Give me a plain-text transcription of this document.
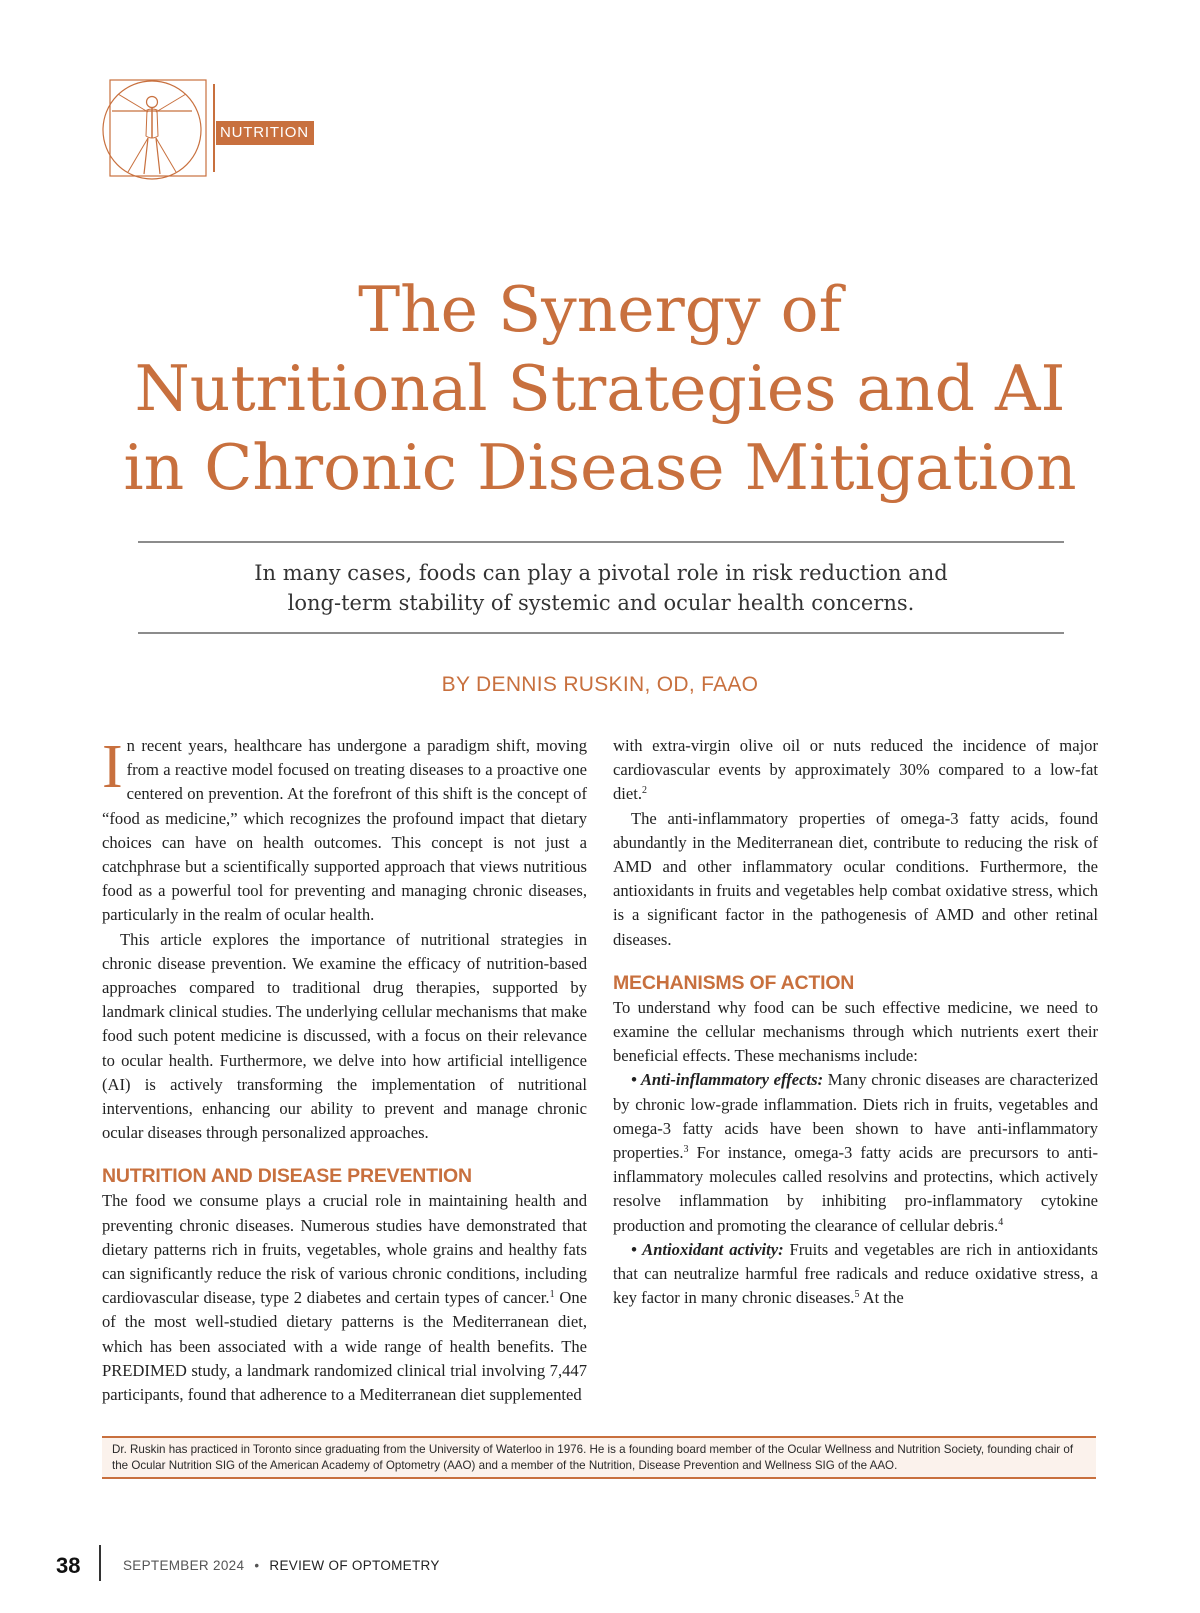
NUTRITION
The Synergy of
Nutritional Strategies and AI
in Chronic Disease Mitigation
In many cases, foods can play a pivotal role in risk reduction and
long-term stability of systemic and ocular health concerns.
BY DENNIS RUSKIN, OD, FAAO

In recent years, healthcare has undergone a paradigm shift, moving from a reactive model focused on treating diseases to a proactive one centered on prevention. At the forefront of this shift is the concept of “food as medicine,” which recognizes the profound impact that dietary choices can have on health outcomes. This concept is not just a catchphrase but a scientifically supported approach that views nutritious food as a powerful tool for preventing and managing chronic diseases, particularly in the realm of ocular health.

This article explores the importance of nutritional strategies in chronic disease prevention. We examine the efficacy of nutrition-based approaches compared to traditional drug therapies, supported by landmark clinical studies. The underlying cellular mechanisms that make food such potent medicine is discussed, with a focus on their relevance to ocular health. Furthermore, we delve into how artificial intelligence (AI) is actively transforming the implementation of nutritional interventions, enhancing our ability to prevent and manage chronic ocular diseases through personalized approaches.

NUTRITION AND DISEASE PREVENTION

The food we consume plays a crucial role in maintaining health and preventing chronic diseases. Numerous studies have demonstrated that dietary patterns rich in fruits, vegetables, whole grains and healthy fats can significantly reduce the risk of various chronic conditions, including cardiovascular disease, type 2 diabetes and certain types of cancer.$^1$ One of the most well-studied dietary patterns is the Mediterranean diet, which has been associated with a wide range of health benefits. The PREDIMED study, a landmark randomized clinical trial involving 7,447 participants, found that adherence to a Mediterranean diet supplemented

with extra-virgin olive oil or nuts reduced the incidence of major cardiovascular events by approximately 30% compared to a low-fat diet.$^2$

The anti-inflammatory properties of omega-3 fatty acids, found abundantly in the Mediterranean diet, contribute to reducing the risk of AMD and other inflammatory ocular conditions. Furthermore, the antioxidants in fruits and vegetables help combat oxidative stress, which is a significant factor in the pathogenesis of AMD and other retinal diseases.

MECHANISMS OF ACTION

To understand why food can be such effective medicine, we need to examine the cellular mechanisms through which nutrients exert their beneficial effects. These mechanisms include:

• Anti-inflammatory effects: Many chronic diseases are characterized by chronic low-grade inflammation. Diets rich in fruits, vegetables and omega-3 fatty acids have been shown to have anti-inflammatory properties.$^3$ For instance, omega-3 fatty acids are precursors to anti-inflammatory molecules called resolvins and protectins, which actively resolve inflammation by inhibiting pro-inflammatory cytokine production and promoting the clearance of cellular debris.$^4$

• Antioxidant activity: Fruits and vegetables are rich in antioxidants that can neutralize harmful free radicals and reduce oxidative stress, a key factor in many chronic diseases.$^5$ At the

Dr. Ruskin has practiced in Toronto since graduating from the University of Waterloo in 1976. He is a founding board member of the Ocular Wellness and Nutrition Society, founding chair of the Ocular Nutrition SIG of the American Academy of Optometry (AAO) and a member of the Nutrition, Disease Prevention and Wellness SIG of the AAO.
38	SEPTEMBER 2024 • REVIEW OF OPTOMETRY
